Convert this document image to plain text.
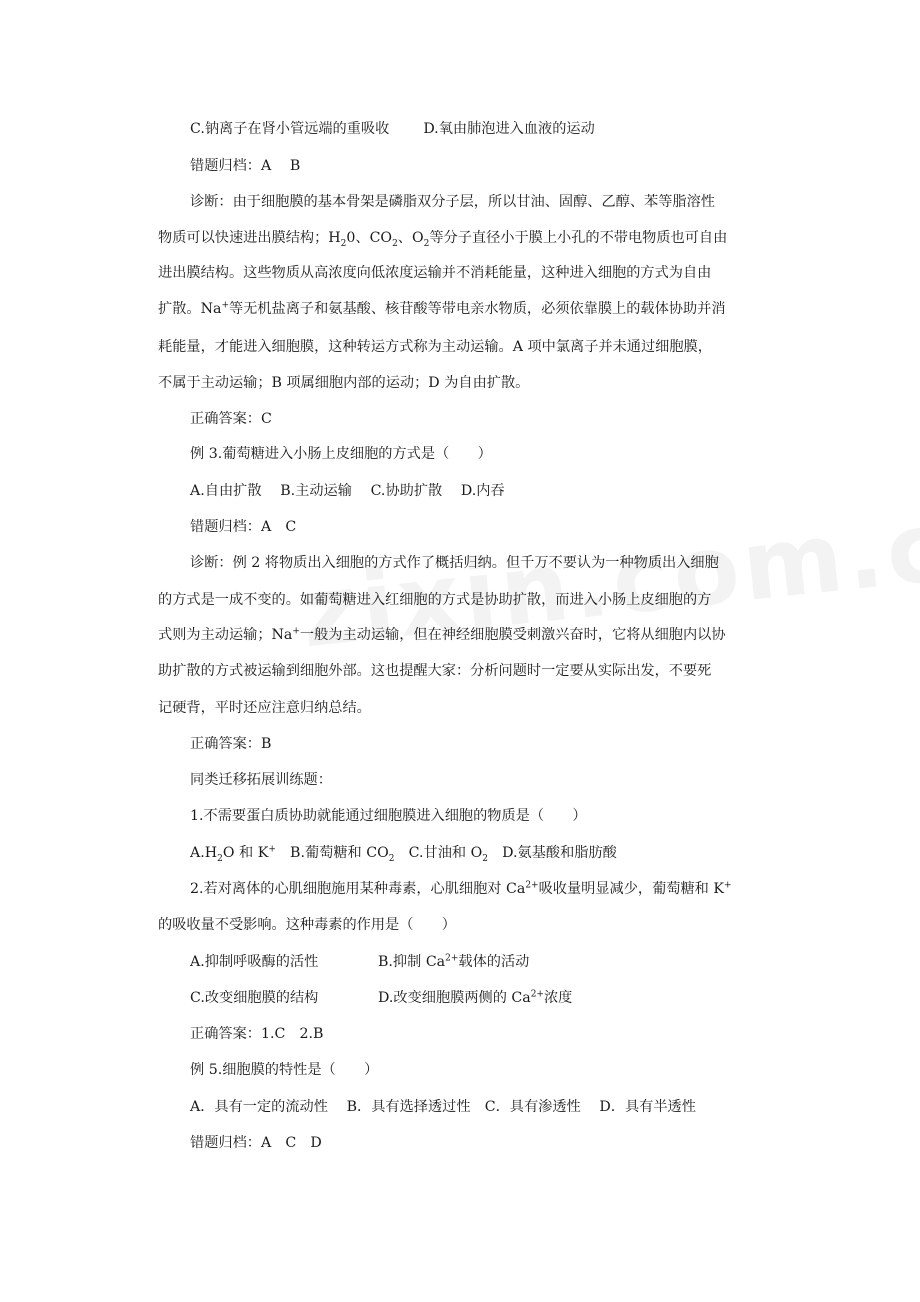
C.钠离子在肾小管远端的重吸收 D.氧由肺泡进入血液的运动
错题归档：A　 B
诊断：由于细胞膜的基本骨架是磷脂双分子层，所以甘油、固醇、乙醇、苯等脂溶性
物质可以快速进出膜结构；$H_20$、$CO_2$、$O_2$等分子直径小于膜上小孔的不带电物质也可自由
进出膜结构。这些物质从高浓度向低浓度运输并不消耗能量，这种进入细胞的方式为自由
扩散。Na+等无机盐离子和氨基酸、核苷酸等带电亲水物质，必须依靠膜上的载体协助并消
耗能量，才能进入细胞膜，这种转运方式称为主动运输。A 项中氯离子并未通过细胞膜，
不属于主动运输；B 项属细胞内部的运动；D 为自由扩散。
正确答案：C
例 3.葡萄糖进入小肠上皮细胞的方式是（　　）
A.自由扩散　 B.主动运输　 C.协助扩散　 D.内吞
错题归档：A　C
诊断：例 2 将物质出入细胞的方式作了概括归纳。但千万不要认为一种物质出入细胞
的方式是一成不变的。如葡萄糖进入红细胞的方式是协助扩散，而进入小肠上皮细胞的方
式则为主动运输；Na+一般为主动运输，但在神经细胞膜受刺激兴奋时，它将从细胞内以协
助扩散的方式被运输到细胞外部。这也提醒大家：分析问题时一定要从实际出发，不要死
记硬背，平时还应注意归纳总结。
正确答案：B
同类迁移拓展训练题：
1.不需要蛋白质协助就能通过细胞膜进入细胞的物质是（　　）
$A.H_2O$ 和 K+　B.葡萄糖和 $CO_2$　C.甘油和 $O_2$　D.氨基酸和脂肪酸
2.若对离体的心肌细胞施用某种毒素，心肌细胞对 $Ca^{2+}$吸收量明显减少，葡萄糖和 K+
的吸收量不受影响。这种毒素的作用是（　　）
A.抑制呼吸酶的活性	B.抑制 $Ca^{2+}$载体的活动
C.改变细胞膜的结构	D.改变细胞膜两侧的 $Ca^{2+}$浓度
正确答案：1.C　2.B
例 5.细胞膜的特性是（　　）
A．具有一定的流动性　 B．具有选择透过性　C．具有渗透性　 D．具有半透性
错题归档：A　C　D
